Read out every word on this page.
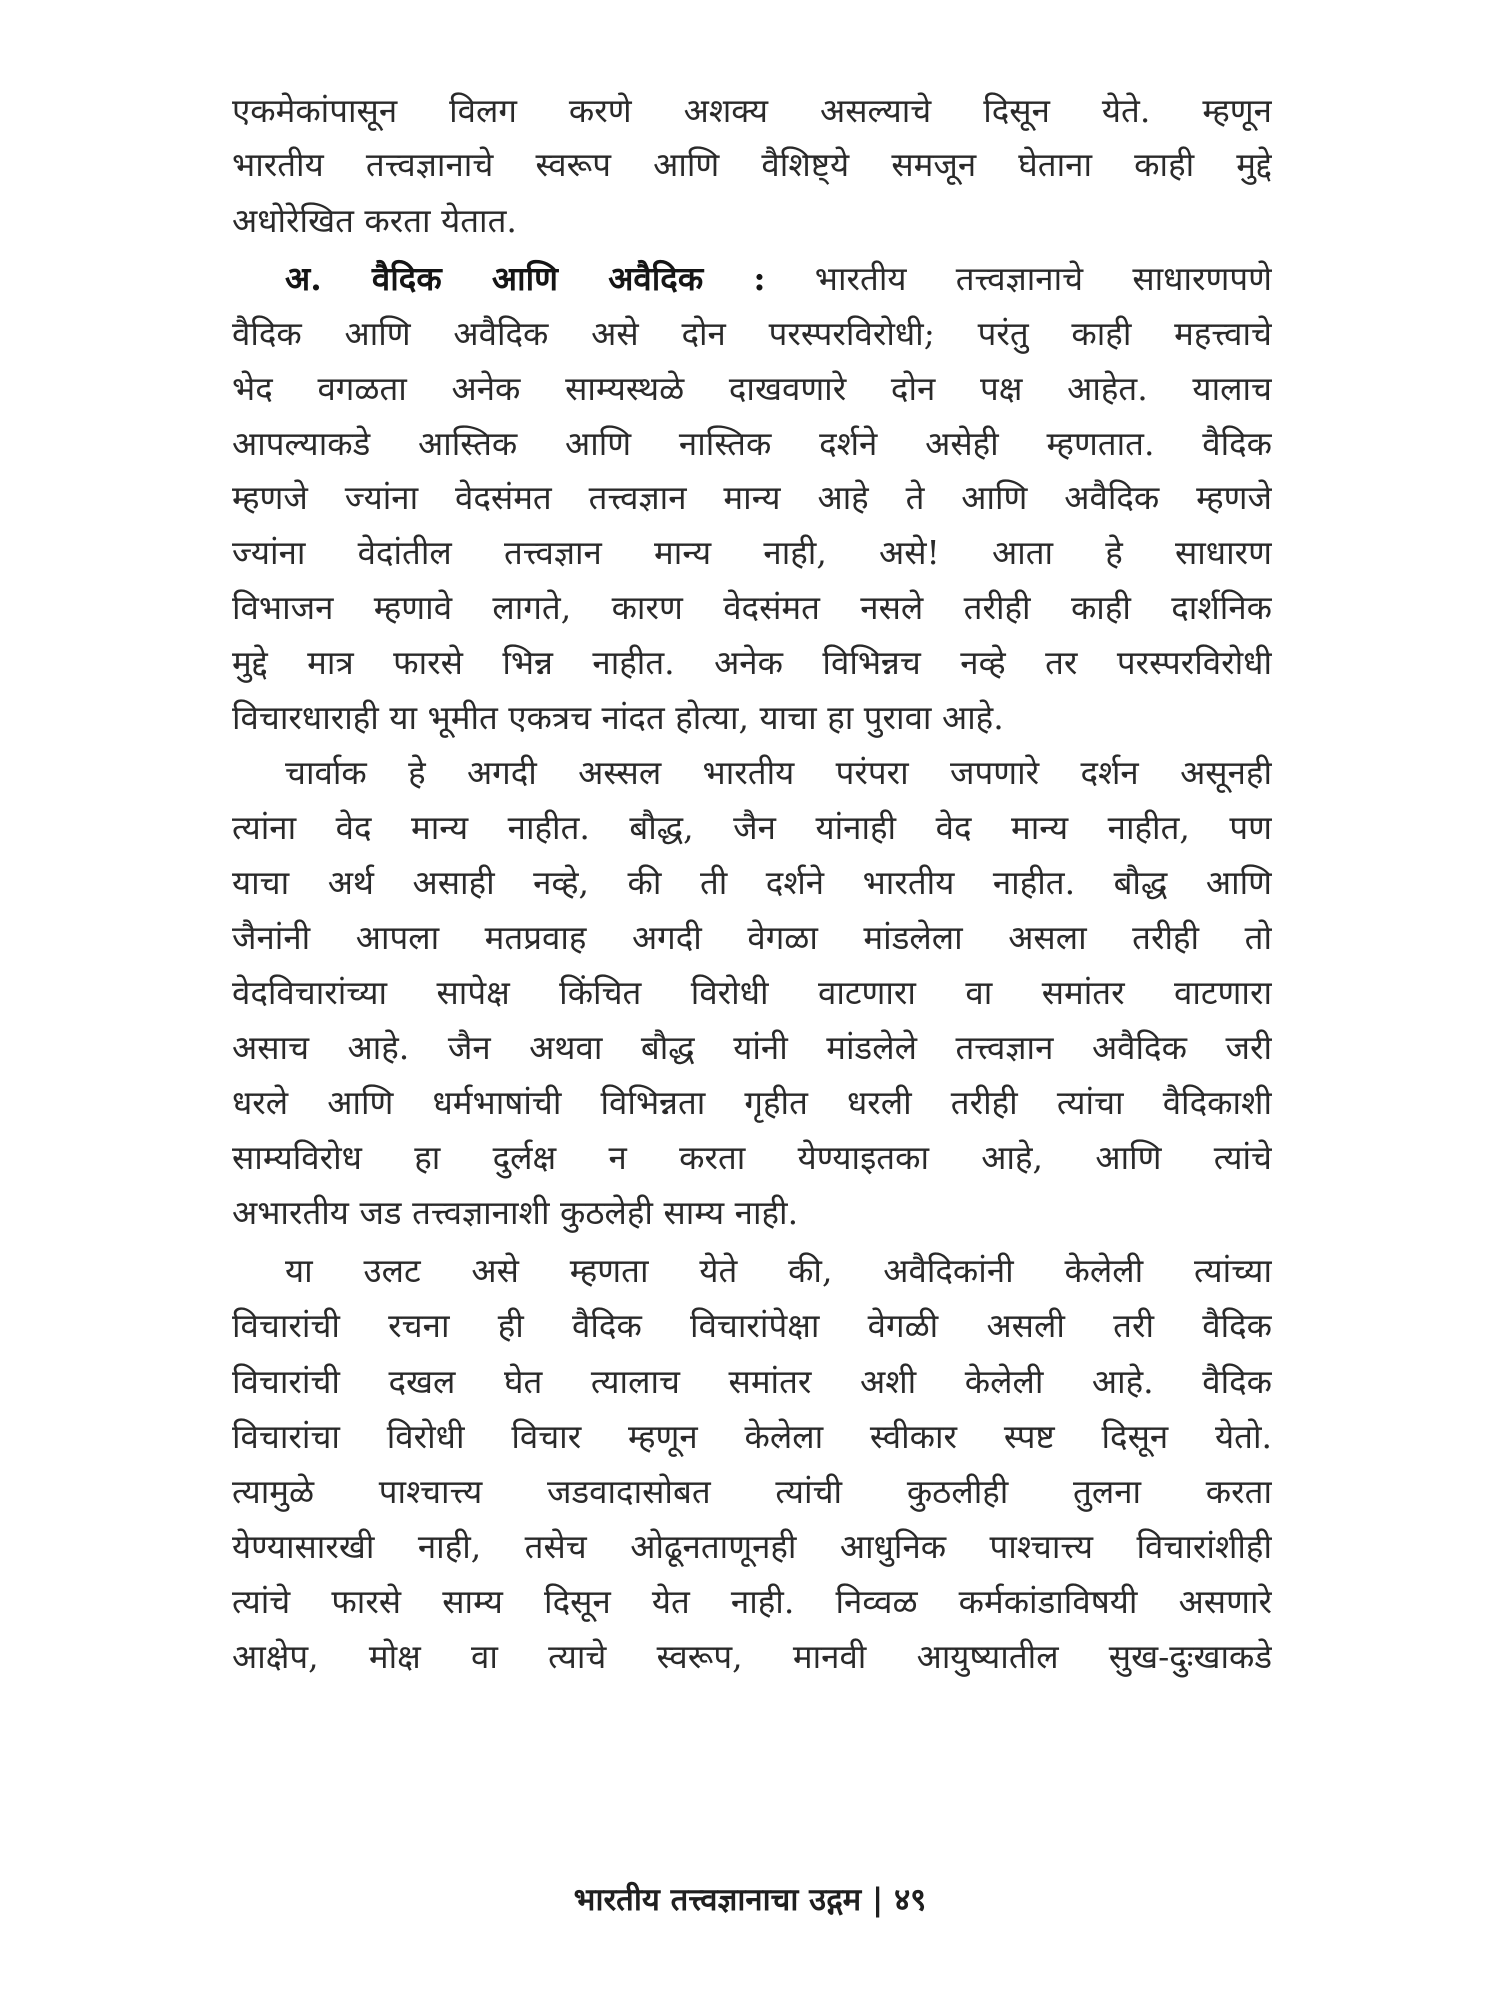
एकमेकांपासून विलग करणे अशक्य असल्याचे दिसून येते. म्हणून
भारतीय तत्त्वज्ञानाचे स्वरूप आणि वैशिष्ट्ये समजून घेताना काही मुद्दे
अधोरेखित करता येतात.
अ. वैदिक आणि अवैदिक : भारतीय तत्त्वज्ञानाचे साधारणपणे
वैदिक आणि अवैदिक असे दोन परस्परविरोधी; परंतु काही महत्त्वाचे
भेद वगळता अनेक साम्यस्थळे दाखवणारे दोन पक्ष आहेत. यालाच
आपल्याकडे आस्तिक आणि नास्तिक दर्शने असेही म्हणतात. वैदिक
म्हणजे ज्यांना वेदसंमत तत्त्वज्ञान मान्य आहे ते आणि अवैदिक म्हणजे
ज्यांना वेदांतील तत्त्वज्ञान मान्य नाही, असे! आता हे साधारण
विभाजन म्हणावे लागते, कारण वेदसंमत नसले तरीही काही दार्शनिक
मुद्दे मात्र फारसे भिन्न नाहीत. अनेक विभिन्नच नव्हे तर परस्परविरोधी
विचारधाराही या भूमीत एकत्रच नांदत होत्या, याचा हा पुरावा आहे.
चार्वाक हे अगदी अस्सल भारतीय परंपरा जपणारे दर्शन असूनही
त्यांना वेद मान्य नाहीत. बौद्ध, जैन यांनाही वेद मान्य नाहीत, पण
याचा अर्थ असाही नव्हे, की ती दर्शने भारतीय नाहीत. बौद्ध आणि
जैनांनी आपला मतप्रवाह अगदी वेगळा मांडलेला असला तरीही तो
वेदविचारांच्या सापेक्ष किंचित विरोधी वाटणारा वा समांतर वाटणारा
असाच आहे. जैन अथवा बौद्ध यांनी मांडलेले तत्त्वज्ञान अवैदिक जरी
धरले आणि धर्मभाषांची विभिन्नता गृहीत धरली तरीही त्यांचा वैदिकाशी
साम्यविरोध हा दुर्लक्ष न करता येण्याइतका आहे, आणि त्यांचे
अभारतीय जड तत्त्वज्ञानाशी कुठलेही साम्य नाही.
या उलट असे म्हणता येते की, अवैदिकांनी केलेली त्यांच्या
विचारांची रचना ही वैदिक विचारांपेक्षा वेगळी असली तरी वैदिक
विचारांची दखल घेत त्यालाच समांतर अशी केलेली आहे. वैदिक
विचारांचा विरोधी विचार म्हणून केलेला स्वीकार स्पष्ट दिसून येतो.
त्यामुळे पाश्चात्त्य जडवादासोबत त्यांची कुठलीही तुलना करता
येण्यासारखी नाही, तसेच ओढूनताणूनही आधुनिक पाश्चात्त्य विचारांशीही
त्यांचे फारसे साम्य दिसून येत नाही. निव्वळ कर्मकांडाविषयी असणारे
आक्षेप, मोक्ष वा त्याचे स्वरूप, मानवी आयुष्यातील सुख-दुःखाकडे
भारतीय तत्त्वज्ञानाचा उद्गम | ४९
